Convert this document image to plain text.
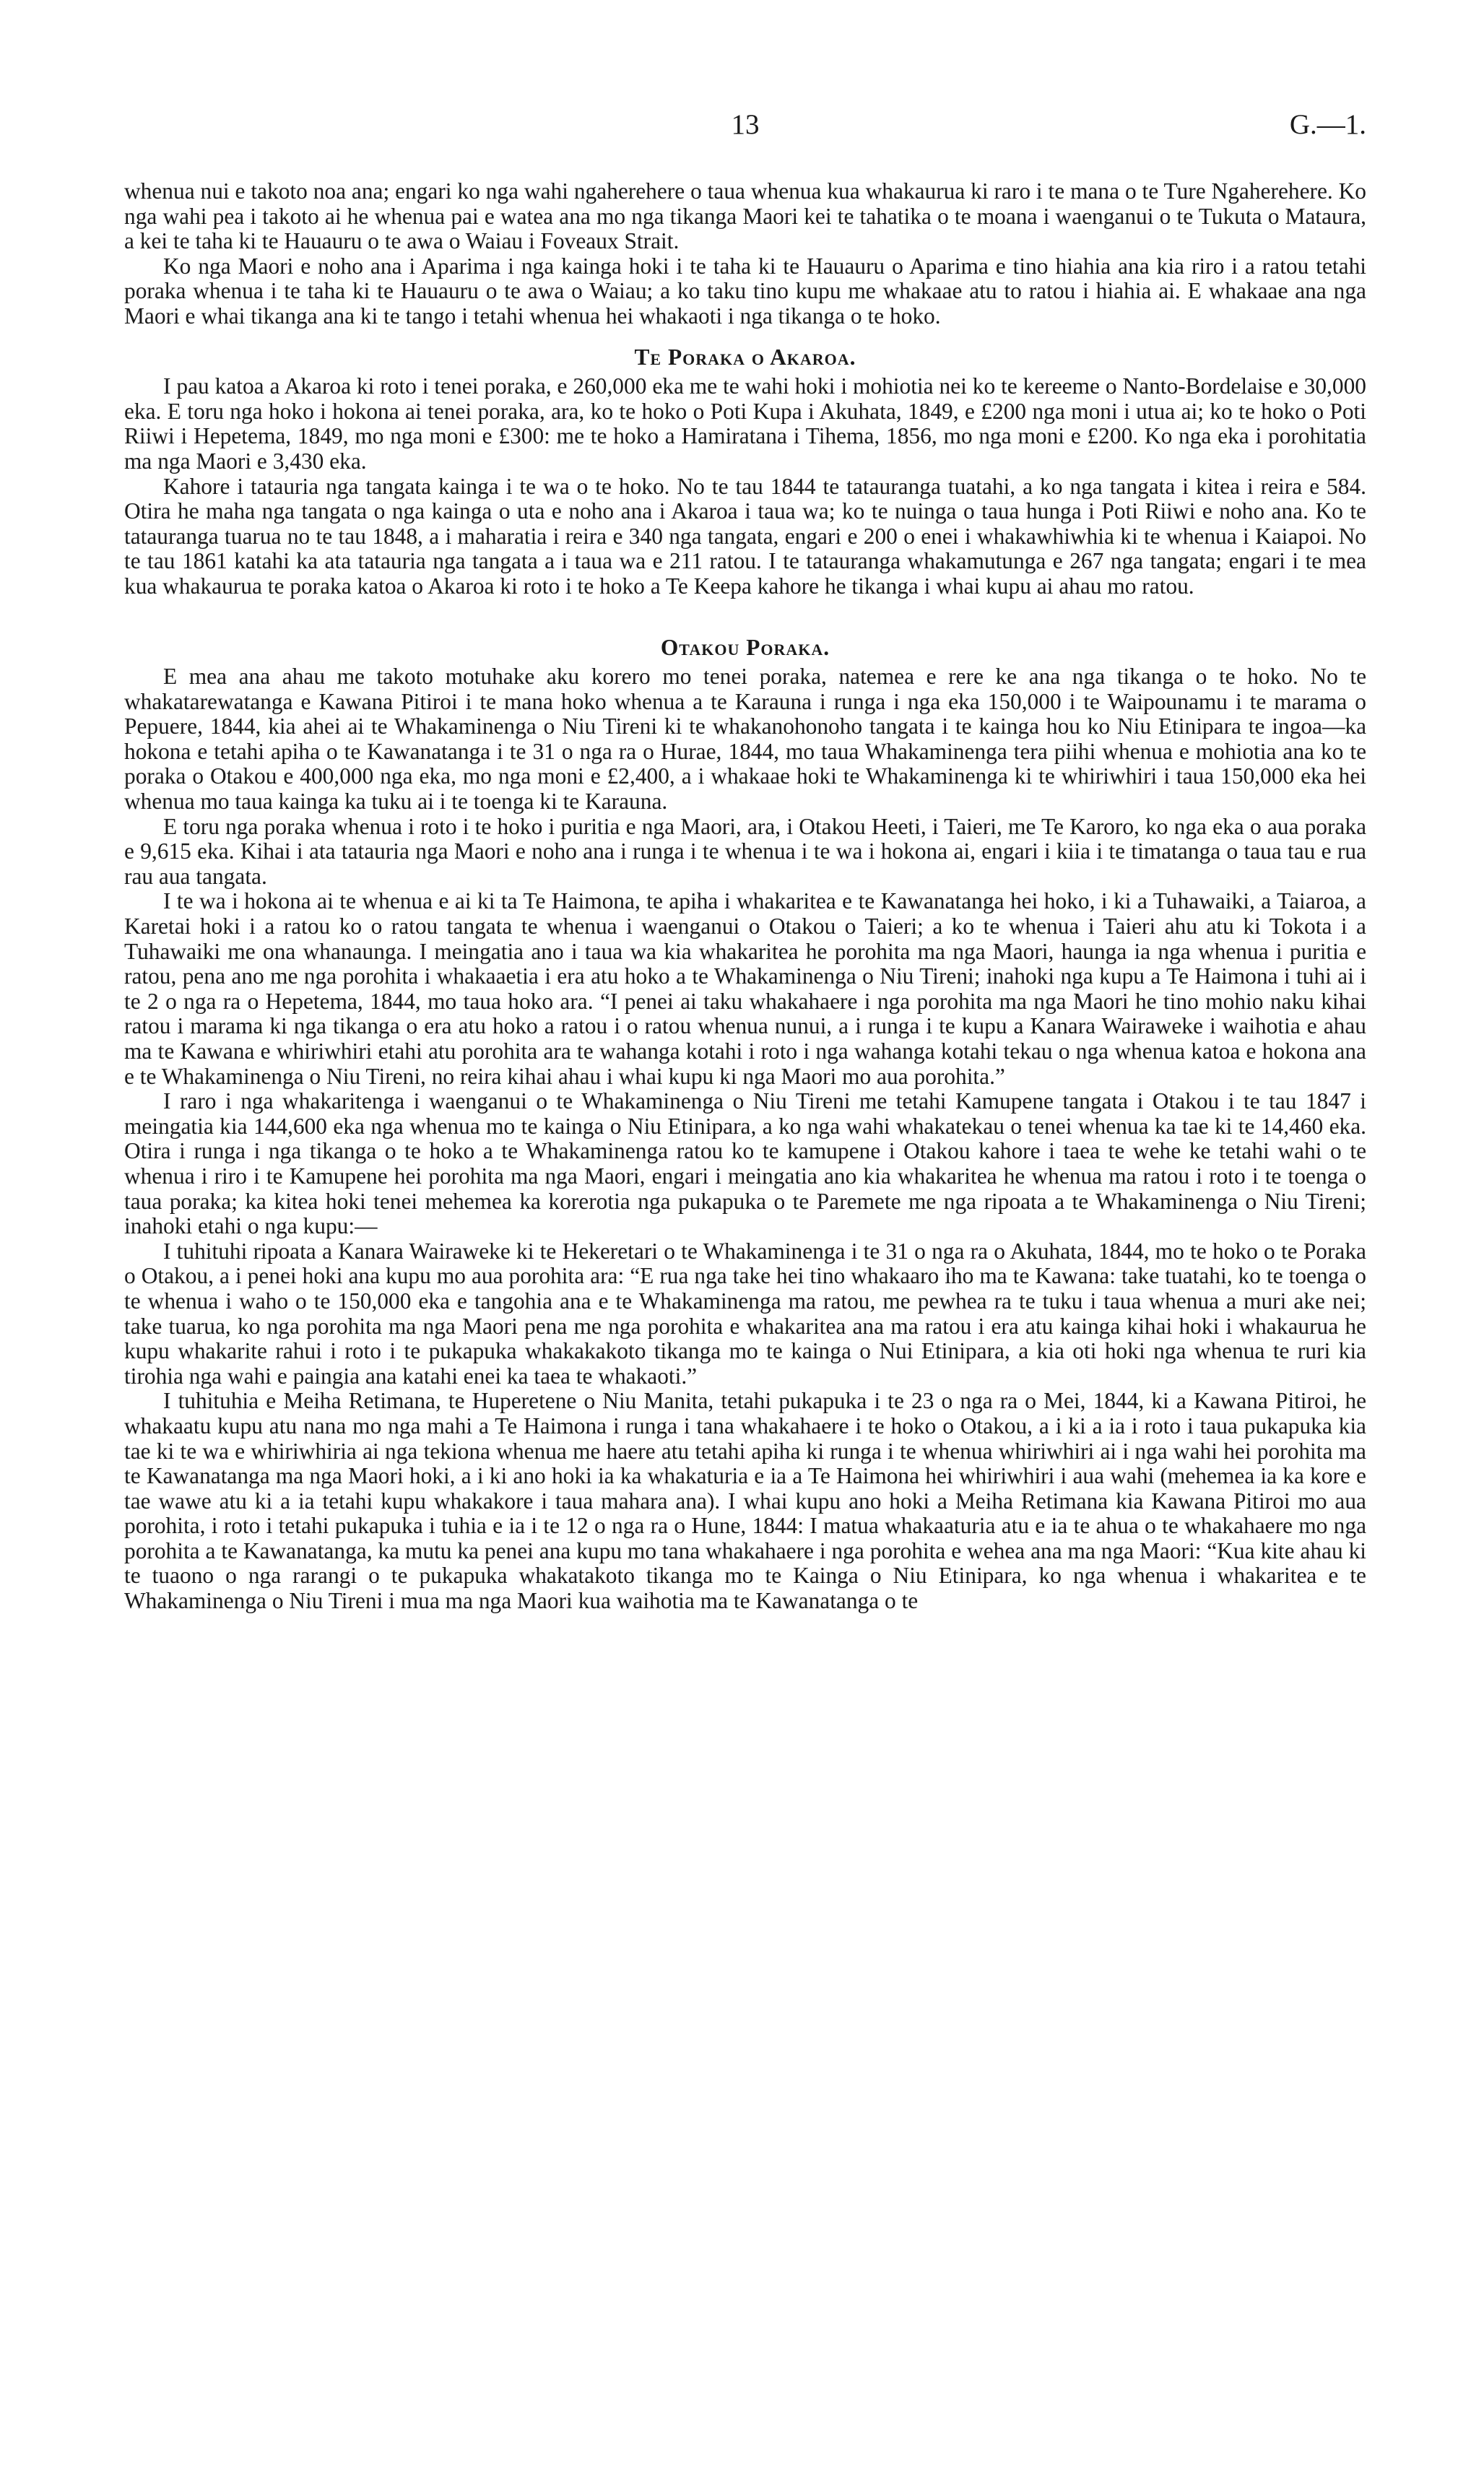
13	G.—1.

whenua nui e takoto noa ana; engari ko nga wahi ngaherehere o taua whenua kua whakaurua ki raro i te mana o te Ture Ngaherehere. Ko nga wahi pea i takoto ai he whenua pai e watea ana mo nga tikanga Maori kei te tahatika o te moana i waenganui o te Tukuta o Mataura, a kei te taha ki te Hauauru o te awa o Waiau i Foveaux Strait.

Ko nga Maori e noho ana i Aparima i nga kainga hoki i te taha ki te Hauauru o Aparima e tino hiahia ana kia riro i a ratou tetahi poraka whenua i te taha ki te Hauauru o te awa o Waiau; a ko taku tino kupu me whakaae atu to ratou i hiahia ai. E whakaae ana nga Maori e whai tikanga ana ki te tango i tetahi whenua hei whakaoti i nga tikanga o te hoko.

Te Poraka o Akaroa.

I pau katoa a Akaroa ki roto i tenei poraka, e 260,000 eka me te wahi hoki i mohiotia nei ko te kereeme o Nanto-Bordelaise e 30,000 eka. E toru nga hoko i hokona ai tenei poraka, ara, ko te hoko o Poti Kupa i Akuhata, 1849, e £200 nga moni i utua ai; ko te hoko o Poti Riiwi i Hepetema, 1849, mo nga moni e £300: me te hoko a Hamiratana i Tihema, 1856, mo nga moni e £200. Ko nga eka i porohitatia ma nga Maori e 3,430 eka.

Kahore i tatauria nga tangata kainga i te wa o te hoko. No te tau 1844 te tatauranga tuatahi, a ko nga tangata i kitea i reira e 584. Otira he maha nga tangata o nga kainga o uta e noho ana i Akaroa i taua wa; ko te nuinga o taua hunga i Poti Riiwi e noho ana. Ko te tatauranga tuarua no te tau 1848, a i maharatia i reira e 340 nga tangata, engari e 200 o enei i whakawhiwhia ki te whenua i Kaiapoi. No te tau 1861 katahi ka ata tatauria nga tangata a i taua wa e 211 ratou. I te tatauranga whakamutunga e 267 nga tangata; engari i te mea kua whakaurua te poraka katoa o Akaroa ki roto i te hoko a Te Keepa kahore he tikanga i whai kupu ai ahau mo ratou.

Otakou Poraka.

E mea ana ahau me takoto motuhake aku korero mo tenei poraka, natemea e rere ke ana nga tikanga o te hoko. No te whakatarewatanga e Kawana Pitiroi i te mana hoko whenua a te Karauna i runga i nga eka 150,000 i te Waipounamu i te marama o Pepuere, 1844, kia ahei ai te Whakaminenga o Niu Tireni ki te whakanohonoho tangata i te kainga hou ko Niu Etinipara te ingoa—ka hokona e tetahi apiha o te Kawanatanga i te 31 o nga ra o Hurae, 1844, mo taua Whakaminenga tera piihi whenua e mohiotia ana ko te poraka o Otakou e 400,000 nga eka, mo nga moni e £2,400, a i whakaae hoki te Whakaminenga ki te whiriwhiri i taua 150,000 eka hei whenua mo taua kainga ka tuku ai i te toenga ki te Karauna.

E toru nga poraka whenua i roto i te hoko i puritia e nga Maori, ara, i Otakou Heeti, i Taieri, me Te Karoro, ko nga eka o aua poraka e 9,615 eka. Kihai i ata tatauria nga Maori e noho ana i runga i te whenua i te wa i hokona ai, engari i kiia i te timatanga o taua tau e rua rau aua tangata.

I te wa i hokona ai te whenua e ai ki ta Te Haimona, te apiha i whakaritea e te Kawanatanga hei hoko, i ki a Tuhawaiki, a Taiaroa, a Karetai hoki i a ratou ko o ratou tangata te whenua i waenganui o Otakou o Taieri; a ko te whenua i Taieri ahu atu ki Tokota i a Tuhawaiki me ona whanaunga. I meingatia ano i taua wa kia whakaritea he porohita ma nga Maori, haunga ia nga whenua i puritia e ratou, pena ano me nga porohita i whakaaetia i era atu hoko a te Whakaminenga o Niu Tireni; inahoki nga kupu a Te Haimona i tuhi ai i te 2 o nga ra o Hepetema, 1844, mo taua hoko ara. “I penei ai taku whakahaere i nga porohita ma nga Maori he tino mohio naku kihai ratou i marama ki nga tikanga o era atu hoko a ratou i o ratou whenua nunui, a i runga i te kupu a Kanara Wairaweke i waihotia e ahau ma te Kawana e whiriwhiri etahi atu porohita ara te wahanga kotahi i roto i nga wahanga kotahi tekau o nga whenua katoa e hokona ana e te Whakaminenga o Niu Tireni, no reira kihai ahau i whai kupu ki nga Maori mo aua porohita.”

I raro i nga whakaritenga i waenganui o te Whakaminenga o Niu Tireni me tetahi Kamupene tangata i Otakou i te tau 1847 i meingatia kia 144,600 eka nga whenua mo te kainga o Niu Etinipara, a ko nga wahi whakatekau o tenei whenua ka tae ki te 14,460 eka. Otira i runga i nga tikanga o te hoko a te Whakaminenga ratou ko te kamupene i Otakou kahore i taea te wehe ke tetahi wahi o te whenua i riro i te Kamupene hei porohita ma nga Maori, engari i meingatia ano kia whakaritea he whenua ma ratou i roto i te toenga o taua poraka; ka kitea hoki tenei mehemea ka korerotia nga pukapuka o te Paremete me nga ripoata a te Whakaminenga o Niu Tireni; inahoki etahi o nga kupu:—

I tuhituhi ripoata a Kanara Wairaweke ki te Hekeretari o te Whakaminenga i te 31 o nga ra o Akuhata, 1844, mo te hoko o te Poraka o Otakou, a i penei hoki ana kupu mo aua porohita ara: “E rua nga take hei tino whakaaro iho ma te Kawana: take tuatahi, ko te toenga o te whenua i waho o te 150,000 eka e tangohia ana e te Whakaminenga ma ratou, me pewhea ra te tuku i taua whenua a muri ake nei; take tuarua, ko nga porohita ma nga Maori pena me nga porohita e whakaritea ana ma ratou i era atu kainga kihai hoki i whakaurua he kupu whakarite rahui i roto i te pukapuka whakakakoto tikanga mo te kainga o Nui Etinipara, a kia oti hoki nga whenua te ruri kia tirohia nga wahi e paingia ana katahi enei ka taea te whakaoti.”

I tuhituhia e Meiha Retimana, te Huperetene o Niu Manita, tetahi pukapuka i te 23 o nga ra o Mei, 1844, ki a Kawana Pitiroi, he whakaatu kupu atu nana mo nga mahi a Te Haimona i runga i tana whakahaere i te hoko o Otakou, a i ki a ia i roto i taua pukapuka kia tae ki te wa e whiriwhiria ai nga tekiona whenua me haere atu tetahi apiha ki runga i te whenua whiriwhiri ai i nga wahi hei porohita ma te Kawanatanga ma nga Maori hoki, a i ki ano hoki ia ka whakaturia e ia a Te Haimona hei whiriwhiri i aua wahi (mehemea ia ka kore e tae wawe atu ki a ia tetahi kupu whakakore i taua mahara ana). I whai kupu ano hoki a Meiha Retimana kia Kawana Pitiroi mo aua porohita, i roto i tetahi pukapuka i tuhia e ia i te 12 o nga ra o Hune, 1844: I matua whakaaturia atu e ia te ahua o te whakahaere mo nga porohita a te Kawanatanga, ka mutu ka penei ana kupu mo tana whakahaere i nga porohita e wehea ana ma nga Maori: “Kua kite ahau ki te tuaono o nga rarangi o te pukapuka whakatakoto tikanga mo te Kainga o Niu Etinipara, ko nga whenua i whakaritea e te Whakaminenga o Niu Tireni i mua ma nga Maori kua waihotia ma te Kawanatanga o te
